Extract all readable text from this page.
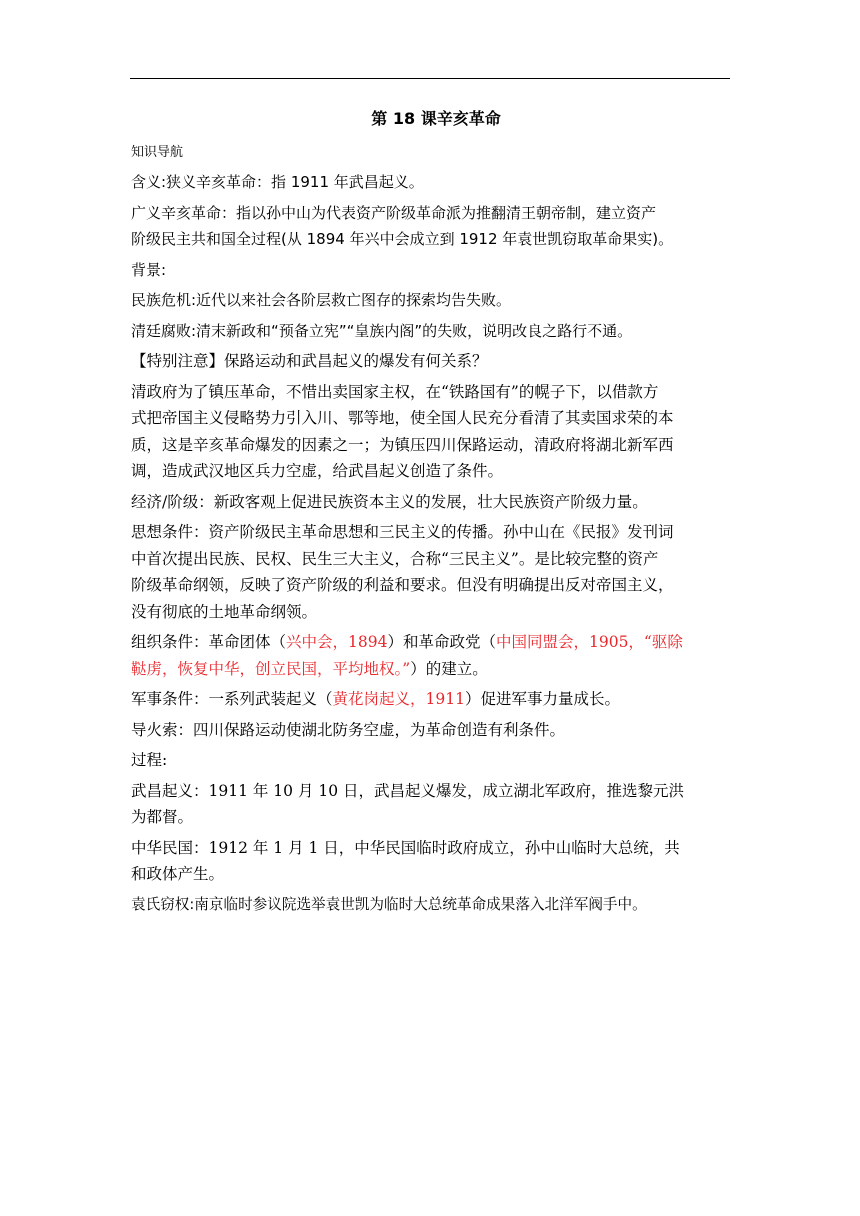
第 18 课辛亥革命
知识导航

含义:狭义辛亥革命：指 1911 年武昌起义。

广义辛亥革命：指以孙中山为代表资产阶级革命派为推翻清王朝帝制，建立资产

阶级民主共和国全过程(从 1894 年兴中会成立到 1912 年袁世凯窃取革命果实)。

背景:

民族危机:近代以来社会各阶层救亡图存的探索均告失败。

清廷腐败:清末新政和“预备立宪”“皇族内阁”的失败，说明改良之路行不通。

【特别注意】保路运动和武昌起义的爆发有何关系？

清政府为了镇压革命，不惜出卖国家主权，在“铁路国有”的幌子下，以借款方

式把帝国主义侵略势力引入川、鄂等地，使全国人民充分看清了其卖国求荣的本

质，这是辛亥革命爆发的因素之一；为镇压四川保路运动，清政府将湖北新军西

调，造成武汉地区兵力空虚，给武昌起义创造了条件。

经济/阶级：新政客观上促进民族资本主义的发展，壮大民族资产阶级力量。

思想条件：资产阶级民主革命思想和三民主义的传播。孙中山在《民报》发刊词

中首次提出民族、民权、民生三大主义，合称“三民主义”。是比较完整的资产

阶级革命纲领，反映了资产阶级的利益和要求。但没有明确提出反对帝国主义，

没有彻底的土地革命纲领。

组织条件：革命团体（兴中会，1894）和革命政党（中国同盟会，1905，“驱除

鞑虏，恢复中华，创立民国，平均地权。”）的建立。

军事条件：一系列武装起义（黄花岗起义，1911）促进军事力量成长。

导火索：四川保路运动使湖北防务空虚，为革命创造有利条件。

过程:

武昌起义：1911 年 10 月 10 日，武昌起义爆发，成立湖北军政府，推选黎元洪

为都督。

中华民国：1912 年 1 月 1 日，中华民国临时政府成立，孙中山临时大总统，共

和政体产生。

袁氏窃权:南京临时参议院选举袁世凯为临时大总统革命成果落入北洋军阀手中。
